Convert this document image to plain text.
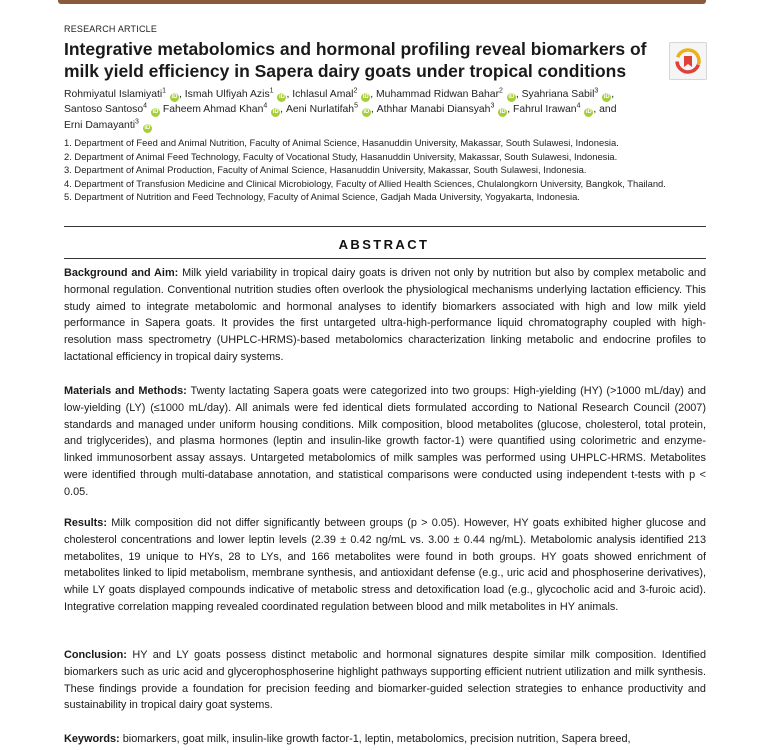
RESEARCH ARTICLE
Integrative metabolomics and hormonal profiling reveal biomarkers of milk yield efficiency in Sapera dairy goats under tropical conditions
Rohmiyatul Islamiyati$^1$ iD , Ismah Ulfiyah Azis$^1$ iD , Ichlasul Amal$^2$ iD , Muhammad Ridwan Bahar$^2$ iD , Syahriana Sabil$^3$ iD , Santoso Santoso$^4$ iD Faheem Ahmad Khan$^4$ iD , Aeni Nurlatifah$^5$ iD , Athhar Manabi Diansyah$^3$ iD , Fahrul Irawan$^4$ iD , and
Erni Damayanti$^3$ iD
1. Department of Feed and Animal Nutrition, Faculty of Animal Science, Hasanuddin University, Makassar, South Sulawesi, Indonesia.
2. Department of Animal Feed Technology, Faculty of Vocational Study, Hasanuddin University, Makassar, South Sulawesi, Indonesia.
3. Department of Animal Production, Faculty of Animal Science, Hasanuddin University, Makassar, South Sulawesi, Indonesia.
4. Department of Transfusion Medicine and Clinical Microbiology, Faculty of Allied Health Sciences, Chulalongkorn University, Bangkok, Thailand.
5. Department of Nutrition and Feed Technology, Faculty of Animal Science, Gadjah Mada University, Yogyakarta, Indonesia.
ABSTRACT

Background and Aim: Milk yield variability in tropical dairy goats is driven not only by nutrition but also by complex metabolic and hormonal regulation. Conventional nutrition studies often overlook the physiological mechanisms underlying lactation efficiency. This study aimed to integrate metabolomic and hormonal analyses to identify biomarkers associated with high and low milk yield performance in Sapera goats. It provides the first untargeted ultra-high-performance liquid chromatography coupled with high-resolution mass spectrometry (UHPLC-HRMS)-based metabolomics characterization linking metabolic and endocrine profiles to lactational efficiency in tropical dairy systems.

Materials and Methods: Twenty lactating Sapera goats were categorized into two groups: High-yielding (HY) (>1000 mL/day) and low-yielding (LY) (≤1000 mL/day). All animals were fed identical diets formulated according to National Research Council (2007) standards and managed under uniform housing conditions. Milk composition, blood metabolites (glucose, cholesterol, total protein, and triglycerides), and plasma hormones (leptin and insulin-like growth factor-1) were quantified using colorimetric and enzyme-linked immunosorbent assay assays. Untargeted metabolomics of milk samples was performed using UHPLC-HRMS. Metabolites were identified through multi-database annotation, and statistical comparisons were conducted using independent t-tests with p < 0.05.

Results: Milk composition did not differ significantly between groups (p > 0.05). However, HY goats exhibited higher glucose and cholesterol concentrations and lower leptin levels (2.39 ± 0.42 ng/mL vs. 3.00 ± 0.44 ng/mL). Metabolomic analysis identified 213 metabolites, 19 unique to HYs, 28 to LYs, and 166 metabolites were found in both groups. HY goats showed enrichment of metabolites linked to lipid metabolism, membrane synthesis, and antioxidant defense (e.g., uric acid and phosphoserine derivatives), while LY goats displayed compounds indicative of metabolic stress and detoxification load (e.g., glycocholic acid and 3-furoic acid). Integrative correlation mapping revealed coordinated regulation between blood and milk metabolites in HY animals.

Conclusion: HY and LY goats possess distinct metabolic and hormonal signatures despite similar milk composition. Identified biomarkers such as uric acid and glycerophosphoserine highlight pathways supporting efficient nutrient utilization and milk synthesis. These findings provide a foundation for precision feeding and biomarker-guided selection strategies to enhance productivity and sustainability in tropical dairy goat systems.

Keywords: biomarkers, goat milk, insulin-like growth factor-1, leptin, metabolomics, precision nutrition, Sapera breed,
